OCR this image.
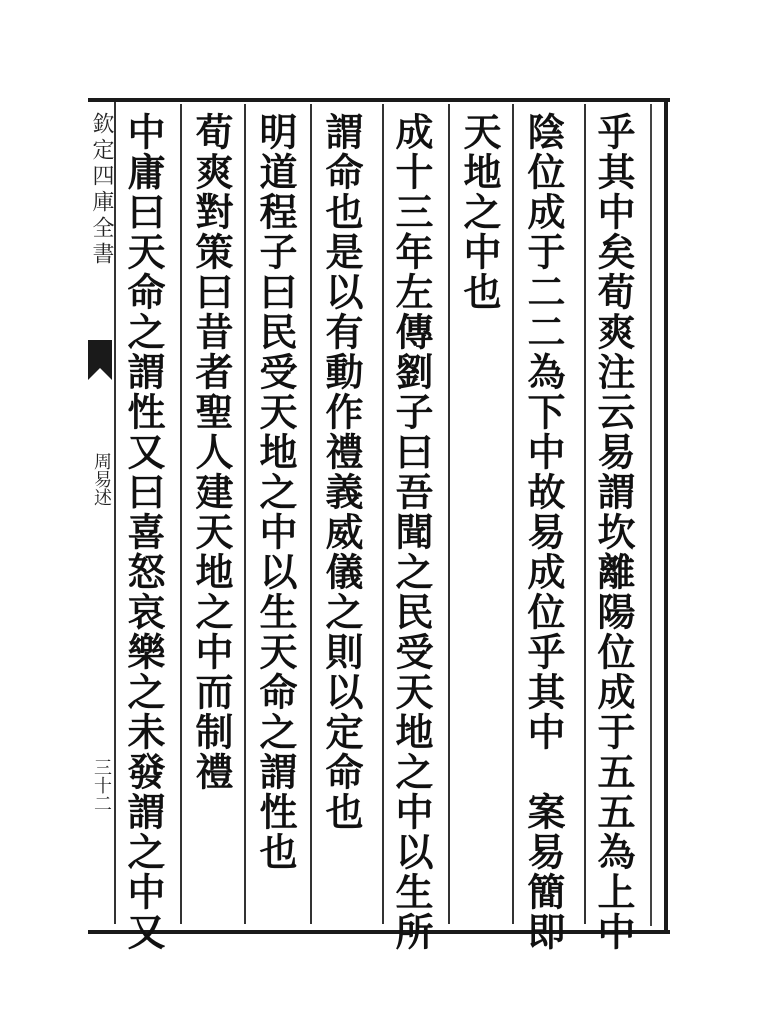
欽定四庫全書
周易述
三十二	乎其中矣荀爽注云易謂坎離陽位成于五五為上中
陰位成于二二為下中故易成位乎其中　案易簡即
天地之中也
成十三年左傳劉子曰吾聞之民受天地之中以生所
謂命也是以有動作禮義威儀之則以定命也
明道程子曰民受天地之中以生天命之謂性也
荀爽對策曰昔者聖人建天地之中而制禮
中庸曰天命之謂性又曰喜怒哀樂之未發謂之中又
